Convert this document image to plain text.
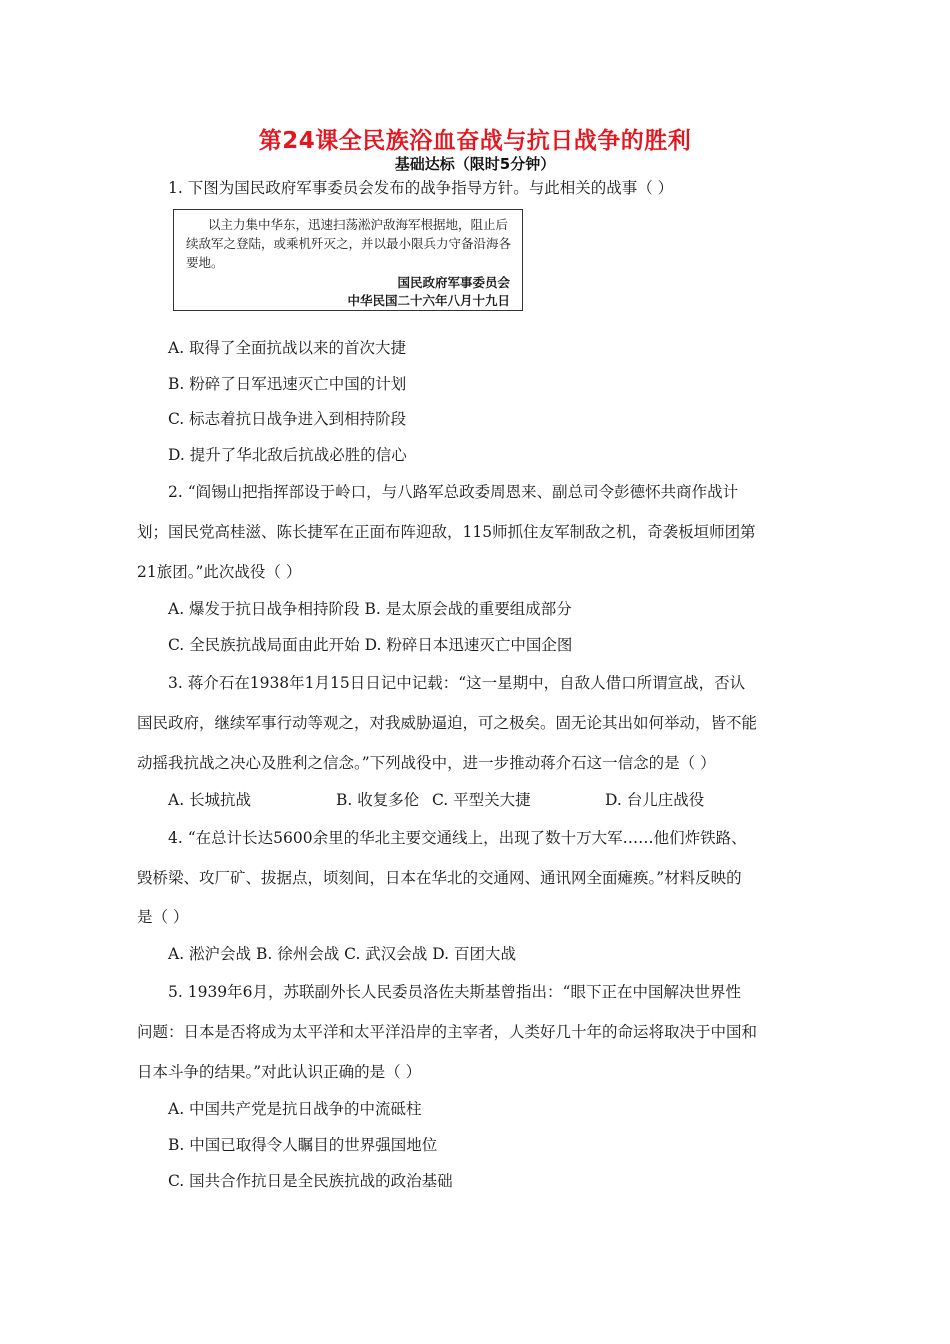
第24课全民族浴血奋战与抗日战争的胜利
基础达标（限时5分钟）
1. 下图为国民政府军事委员会发布的战争指导方针。与此相关的战事（ ）
以主力集中华东，迅速扫荡淞沪敌海军根据地，阻止后
续敌军之登陆，或乘机歼灭之，并以最小限兵力守备沿海各
要地。
国民政府军事委员会
中华民国二十六年八月十九日
A. 取得了全面抗战以来的首次大捷
B. 粉碎了日军迅速灭亡中国的计划
C. 标志着抗日战争进入到相持阶段
D. 提升了华北敌后抗战必胜的信心
2. “阎锡山把指挥部设于岭口，与八路军总政委周恩来、副总司令彭德怀共商作战计
划；国民党高桂滋、陈长捷军在正面布阵迎敌，115师抓住友军制敌之机，奇袭板垣师团第
21旅团。”此次战役（ ）
A. 爆发于抗日战争相持阶段 B. 是太原会战的重要组成部分
C. 全民族抗战局面由此开始 D. 粉碎日本迅速灭亡中国企图
3. 蒋介石在1938年1月15日日记中记载：“这一星期中，自敌人借口所谓宣战，否认
国民政府，继续军事行动等观之，对我威胁逼迫，可之极矣。固无论其出如何举动，皆不能
动摇我抗战之决心及胜利之信念。”下列战役中，进一步推动蒋介石这一信念的是（ ）
A. 长城抗战	B. 收复多伦 C. 平型关大捷	D. 台儿庄战役
4. “在总计长达5600余里的华北主要交通线上，出现了数十万大军……他们炸铁路、
毁桥梁、攻厂矿、拔据点，顷刻间，日本在华北的交通网、通讯网全面瘫痪。”材料反映的
是（ ）
A. 淞沪会战 B. 徐州会战 C. 武汉会战 D. 百团大战
5. 1939年6月，苏联副外长人民委员洛佐夫斯基曾指出：“眼下正在中国解决世界性
问题：日本是否将成为太平洋和太平洋沿岸的主宰者，人类好几十年的命运将取决于中国和
日本斗争的结果。”对此认识正确的是（ ）
A. 中国共产党是抗日战争的中流砥柱
B. 中国已取得令人瞩目的世界强国地位
C. 国共合作抗日是全民族抗战的政治基础
